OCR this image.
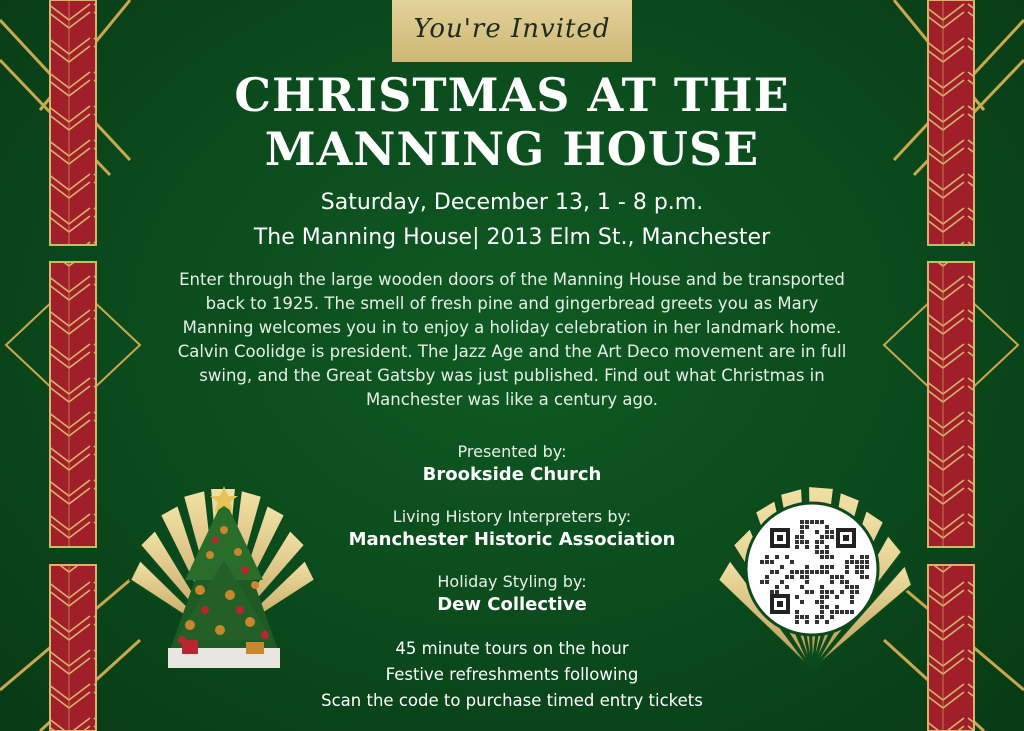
You're Invited
CHRISTMAS AT THE
MANNING HOUSE
Saturday, December 13, 1 - 8 p.m.
The Manning House| 2013 Elm St., Manchester
Enter through the large wooden doors of the Manning House and be transported
back to 1925. The smell of fresh pine and gingerbread greets you as Mary
Manning welcomes you in to enjoy a holiday celebration in her landmark home.
Calvin Coolidge is president. The Jazz Age and the Art Deco movement are in full
swing, and the Great Gatsby was just published. Find out what Christmas in
Manchester was like a century ago.
Presented by:
Brookside Church
Living History Interpreters by:
Manchester Historic Association
Holiday Styling by:
Dew Collective
45 minute tours on the hour
Festive refreshments following
Scan the code to purchase timed entry tickets
